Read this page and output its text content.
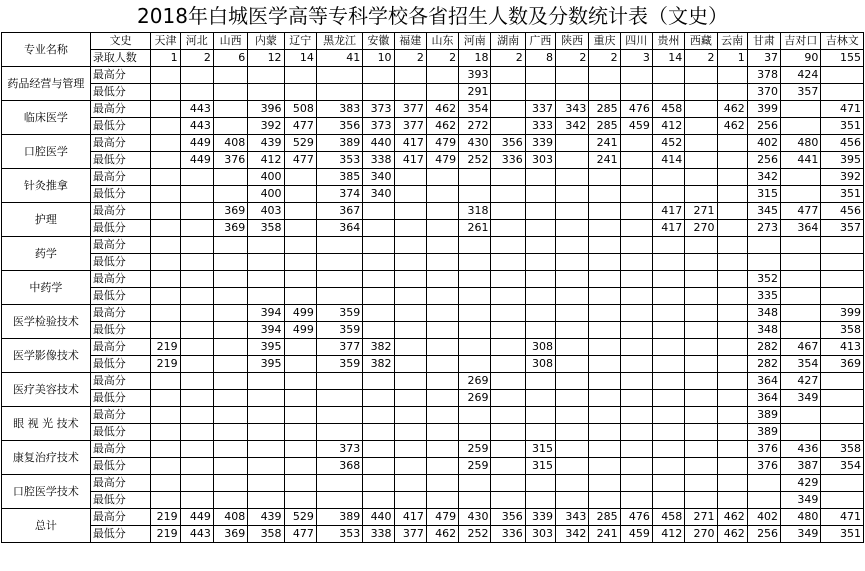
2018年白城医学高等专科学校各省招生人数及分数统计表（文史）
专业名称	文史	天津	河北	山西	内蒙	辽宁	黑龙江	安徽	福建	山东	河南	湖南	广西	陕西	重庆	四川	贵州	西藏	云南	甘肃	吉对口	吉林文
	录取人数	1	2	6	12	14	41	10	2	2	18	2	8	2	2	3	14	2	1	37	90	155
药品经营与管理	最高分										393									378	424	
	最低分										291									370	357	
临床医学	最高分		443		396	508	383	373	377	462	354		337	343	285	476	458		462	399		471
	最低分		443		392	477	356	373	377	462	272		333	342	285	459	412		462	256		351
口腔医学	最高分		449	408	439	529	389	440	417	479	430	356	339		241		452			402	480	456
	最低分		449	376	412	477	353	338	417	479	252	336	303		241		414			256	441	395
针灸推拿	最高分				400		385	340												342		392
	最低分				400		374	340												315		351
护理	最高分			369	403		367				318						417	271		345	477	456
	最低分			369	358		364				261						417	270		273	364	357
药学	最高分																					
	最低分																					
中药学	最高分																			352		
	最低分																			335		
医学检验技术	最高分				394	499	359													348		399
	最低分				394	499	359													348		358
医学影像技术	最高分	219			395		377	382					308							282	467	413
	最低分	219			395		359	382					308							282	354	369
医疗美容技术	最高分										269									364	427	
	最低分										269									364	349	
眼 视 光 技术	最高分																			389		
	最低分																			389		
康复治疗技术	最高分						373				259		315							376	436	358
	最低分						368				259		315							376	387	354
口腔医学技术	最高分																				429	
	最低分																				349	
总计	最高分	219	449	408	439	529	389	440	417	479	430	356	339	343	285	476	458	271	462	402	480	471
	最低分	219	443	369	358	477	353	338	377	462	252	336	303	342	241	459	412	270	462	256	349	351
